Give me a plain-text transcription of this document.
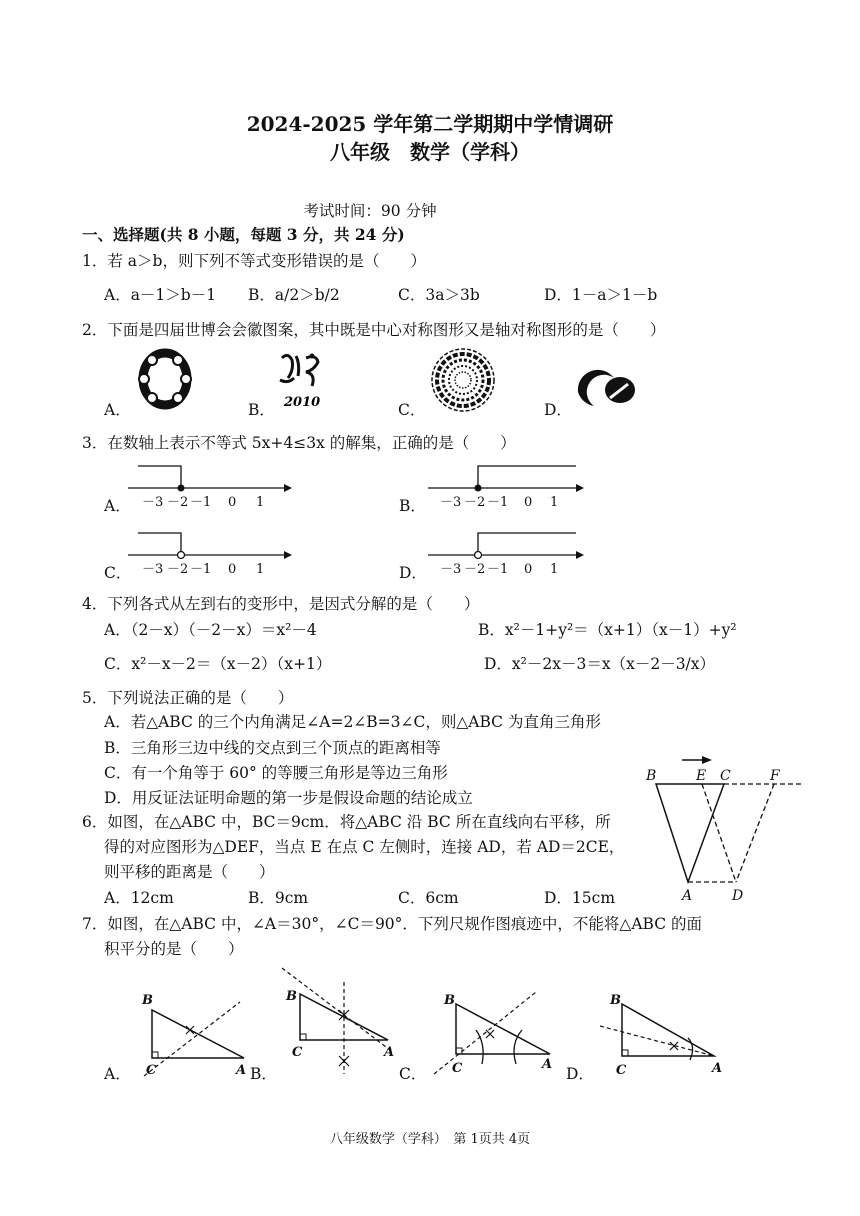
2024-2025 学年第二学期期中学情调研
八年级　数学（学科）
考试时间：90 分钟
一、选择题(共 8 小题，每题 3 分，共 24 分)
1．若 a＞b，则下列不等式变形错误的是（　　）
A．a－1＞b－1 B．a/2＞b/2	C．3a＞3b	D．1－a＞1－b
2．下面是四届世博会会徽图案，其中既是中心对称图形又是轴对称图形的是（　　）
A．	B．	C．	D．
2010
3．在数轴上表示不等式 5x+4≤3x 的解集，正确的是（　　）
A．	B．
C．	D．
－3 －2 －1 0 1	－3 －2 －1 0 1
－3 －2 －1 0 1	－3 －2 －1 0 1
4．下列各式从左到右的变形中，是因式分解的是（　　）
A．（2－x）（－2－x）＝x²－4	B．x²－1+y²＝（x+1）（x－1）+y²
C．x²－x－2＝（x－2）（x+1）	D．x²－2x－3＝x（x－2－3/x）
5．下列说法正确的是（　　）
A．若△ABC 的三个内角满足∠A=2∠B=3∠C，则△ABC 为直角三角形
B．三角形三边中线的交点到三个顶点的距离相等
C．有一个角等于 60° 的等腰三角形是等边三角形
D．用反证法证明命题的第一步是假设命题的结论成立
6．如图，在△ABC 中，BC＝9cm．将△ABC 沿 BC 所在直线向右平移，所
得的对应图形为△DEF，当点 E 在点 C 左侧时，连接 AD，若 AD＝2CE，
则平移的距离是（　　）
A．12cm	B．9cm	C．6cm	D．15cm
B	E C	F
A	D
7．如图，在△ABC 中，∠A＝30°，∠C＝90°．下列尺规作图痕迹中，不能将△ABC 的面
积平分的是（　　）
A．	B．	C．	D．
B
C	A
B
C	A
B
C	A
B
C	A
八年级数学（学科）　第 1页共 4页
